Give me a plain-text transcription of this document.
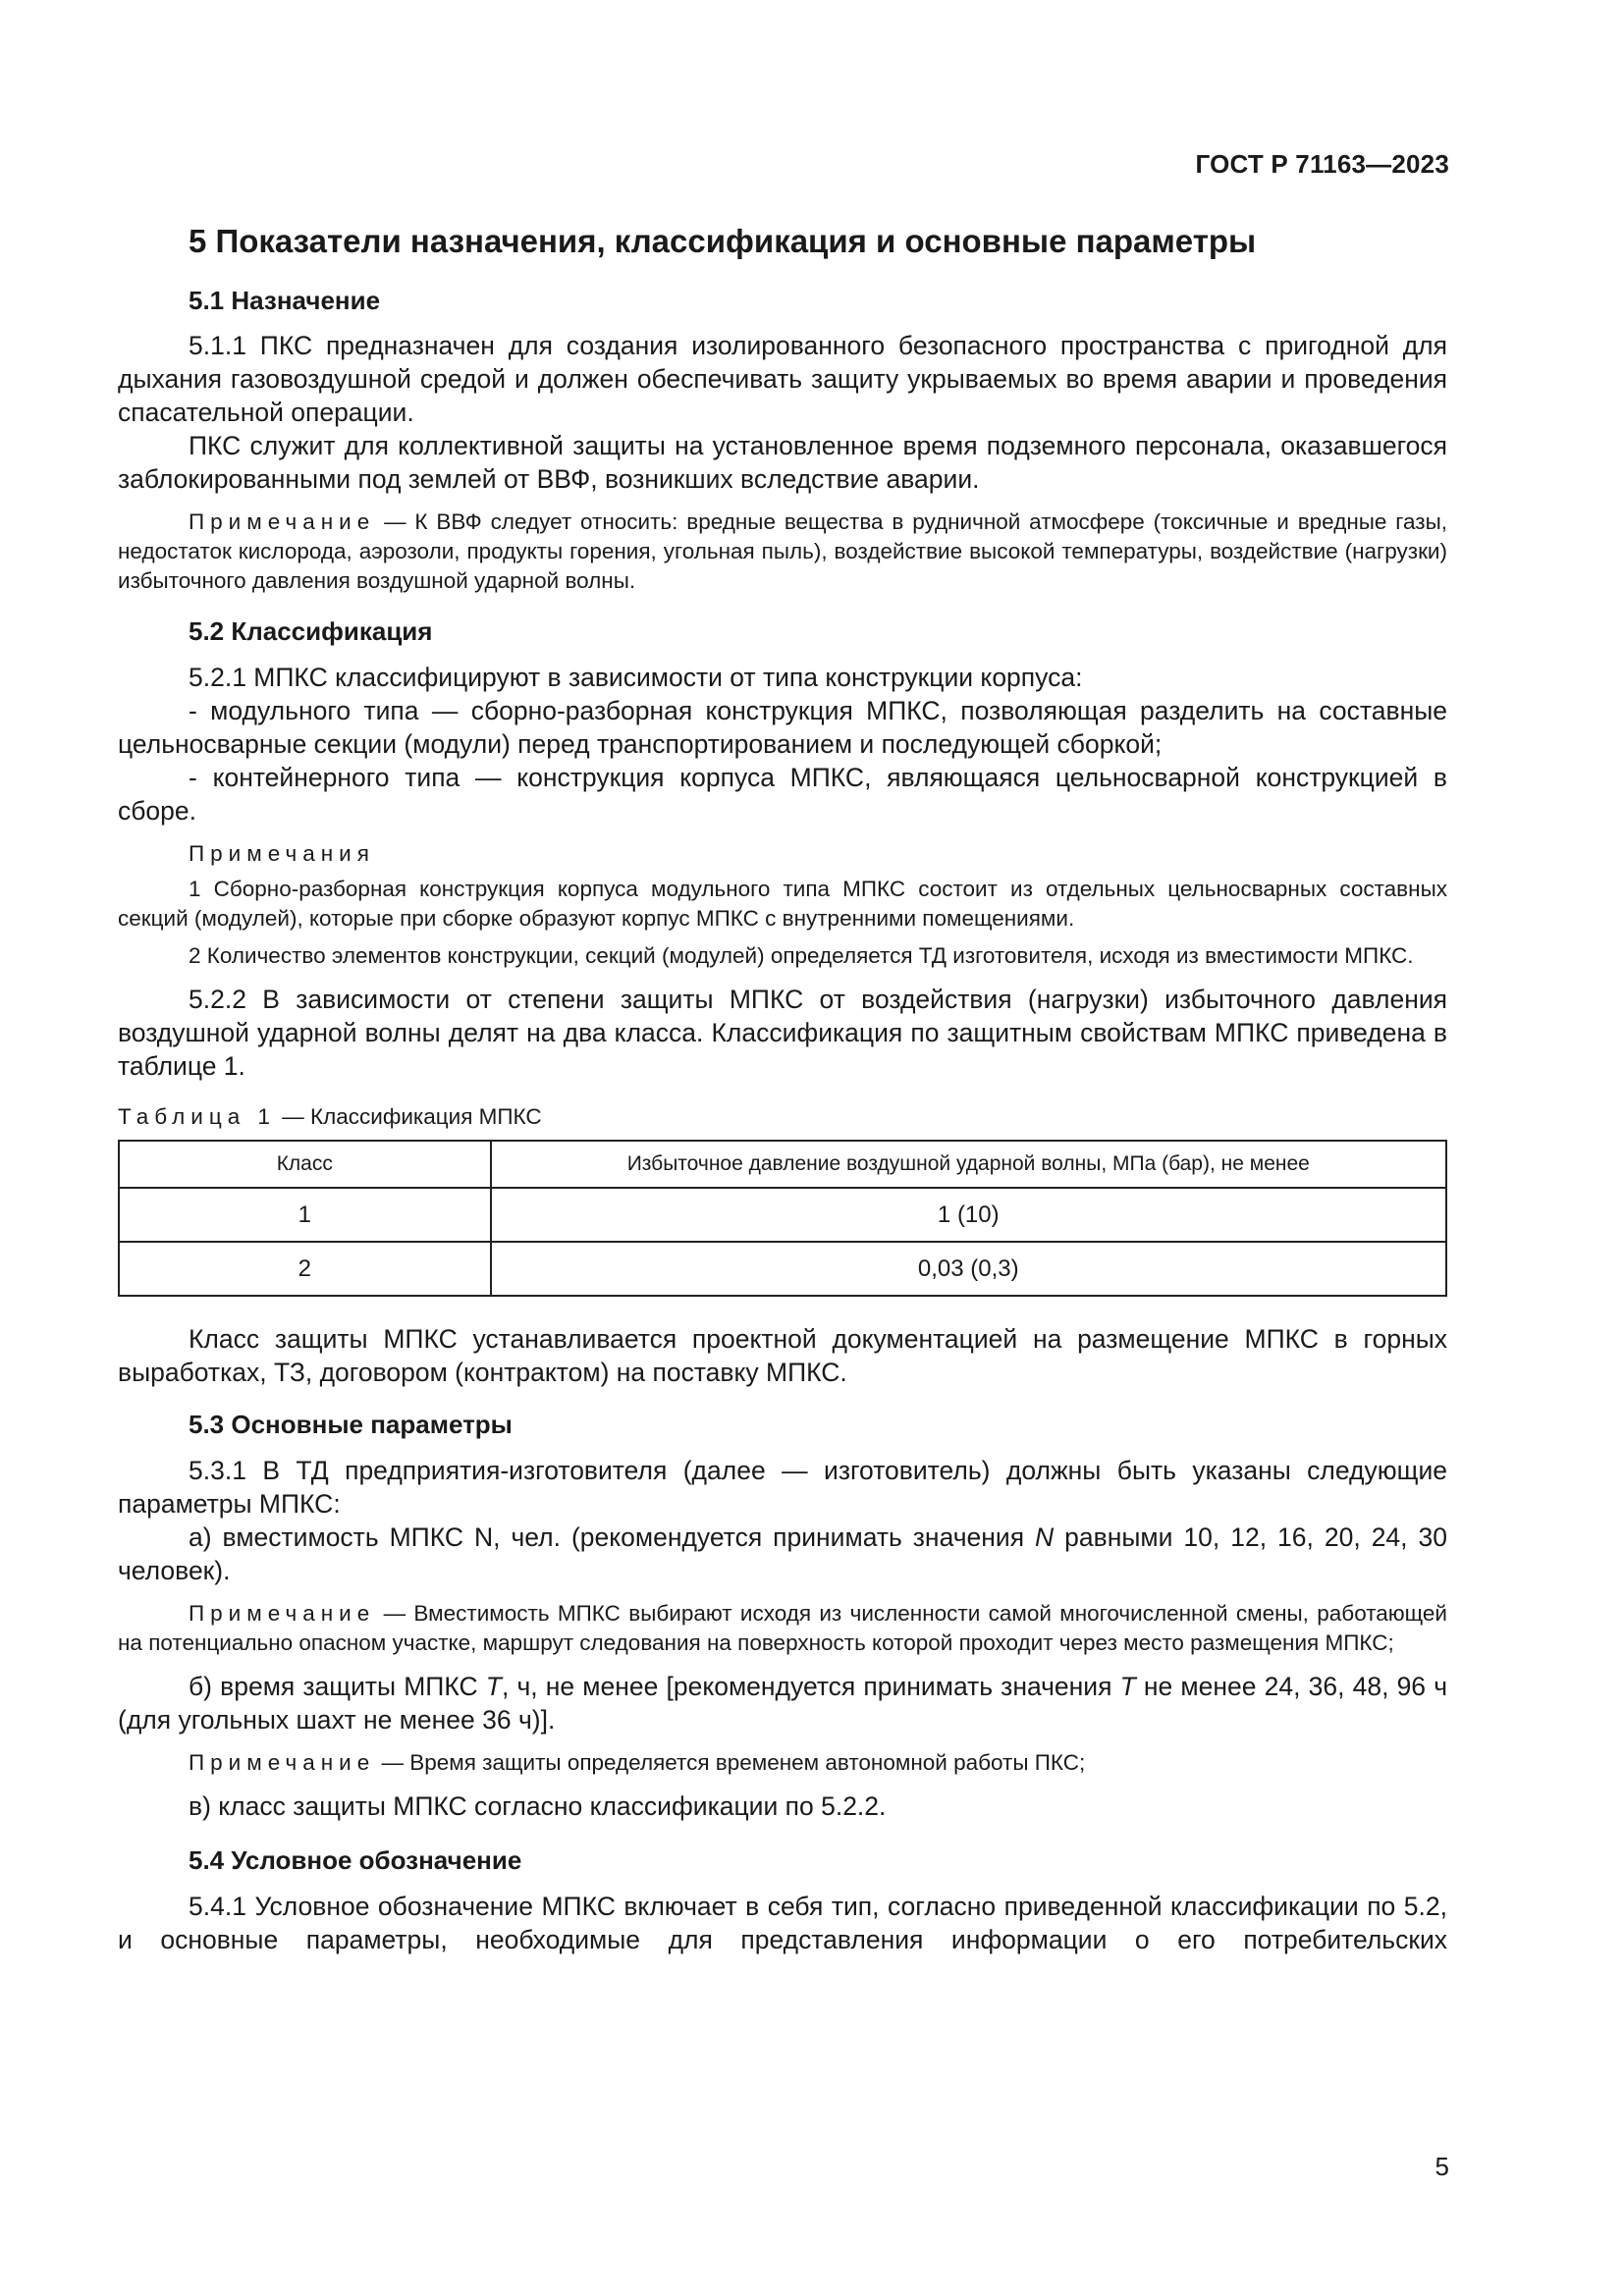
ГОСТ Р 71163—2023
5 Показатели назначения, классификация и основные параметры
5.1 Назначение

5.1.1 ПКС предназначен для создания изолированного безопасного пространства с пригодной для дыхания газовоздушной средой и должен обеспечивать защиту укрываемых во время аварии и проведения спасательной операции.

ПКС служит для коллективной защиты на установленное время подземного персонала, оказавшегося заблокированными под землей от ВВФ, возникших вследствие аварии.

Примечание — К ВВФ следует относить: вредные вещества в рудничной атмосфере (токсичные и вредные газы, недостаток кислорода, аэрозоли, продукты горения, угольная пыль), воздействие высокой температуры, воздействие (нагрузки) избыточного давления воздушной ударной волны.

5.2 Классификация

5.2.1 МПКС классифицируют в зависимости от типа конструкции корпуса:

- модульного типа — сборно-разборная конструкция МПКС, позволяющая разделить на составные цельносварные секции (модули) перед транспортированием и последующей сборкой;

- контейнерного типа — конструкция корпуса МПКС, являющаяся цельносварной конструкцией в сборе.

Примечания

1 Сборно-разборная конструкция корпуса модульного типа МПКС состоит из отдельных цельносварных составных секций (модулей), которые при сборке образуют корпус МПКС с внутренними помещениями.

2 Количество элементов конструкции, секций (модулей) определяется ТД изготовителя, исходя из вместимости МПКС.

5.2.2 В зависимости от степени защиты МПКС от воздействия (нагрузки) избыточного давления воздушной ударной волны делят на два класса. Классификация по защитным свойствам МПКС приведена в таблице 1.

Таблица 1 — Классификация МПКС

Класс	Избыточное давление воздушной ударной волны, МПа (бар), не менее
1	1 (10)
2	0,03 (0,3)

Класс защиты МПКС устанавливается проектной документацией на размещение МПКС в горных выработках, ТЗ, договором (контрактом) на поставку МПКС.

5.3 Основные параметры

5.3.1 В ТД предприятия-изготовителя (далее — изготовитель) должны быть указаны следующие параметры МПКС:

а) вместимость МПКС N, чел. (рекомендуется принимать значения N равными 10, 12, 16, 20, 24, 30 человек).

Примечание — Вместимость МПКС выбирают исходя из численности самой многочисленной смены, работающей на потенциально опасном участке, маршрут следования на поверхность которой проходит через место размещения МПКС;

б) время защиты МПКС Т, ч, не менее [рекомендуется принимать значения Т не менее 24, 36, 48, 96 ч (для угольных шахт не менее 36 ч)].

Примечание — Время защиты определяется временем автономной работы ПКС;

в) класс защиты МПКС согласно классификации по 5.2.2.

5.4 Условное обозначение

5.4.1 Условное обозначение МПКС включает в себя тип, согласно приведенной классификации по 5.2, и основные параметры, необходимые для представления информации о его потребительских

5
